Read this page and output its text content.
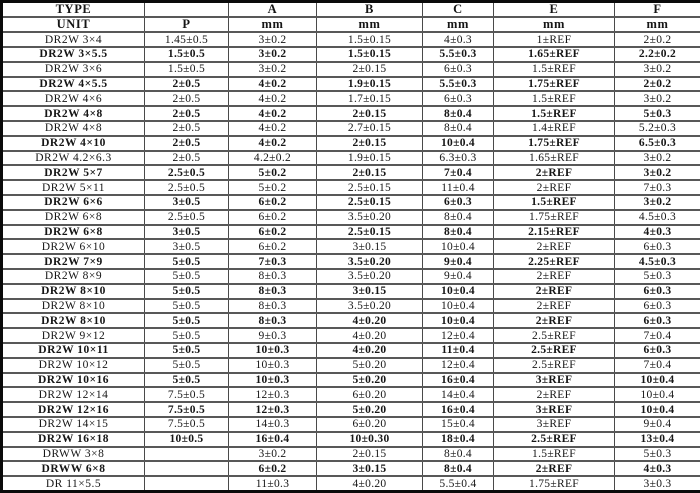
TYPE		A	B	C	E	F
UNIT	P	mm	mm	mm	mm	mm
DR2W 3×4	1.45±0.5	3±0.2	1.5±0.15	4±0.3	1±REF	2±0.2
DR2W 3×5.5	1.5±0.5	3±0.2	1.5±0.15	5.5±0.3	1.65±REF	2.2±0.2
DR2W 3×6	1.5±0.5	3±0.2	2±0.15	6±0.3	1.5±REF	3±0.2
DR2W 4×5.5	2±0.5	4±0.2	1.9±0.15	5.5±0.3	1.75±REF	2±0.2
DR2W 4×6	2±0.5	4±0.2	1.7±0.15	6±0.3	1.5±REF	3±0.2
DR2W 4×8	2±0.5	4±0.2	2±0.15	8±0.4	1.5±REF	5±0.3
DR2W 4×8	2±0.5	4±0.2	2.7±0.15	8±0.4	1.4±REF	5.2±0.3
DR2W 4×10	2±0.5	4±0.2	2±0.15	10±0.4	1.75±REF	6.5±0.3
DR2W 4.2×6.3	2±0.5	4.2±0.2	1.9±0.15	6.3±0.3	1.65±REF	3±0.2
DR2W 5×7	2.5±0.5	5±0.2	2±0.15	7±0.4	2±REF	3±0.2
DR2W 5×11	2.5±0.5	5±0.2	2.5±0.15	11±0.4	2±REF	7±0.3
DR2W 6×6	3±0.5	6±0.2	2.5±0.15	6±0.3	1.5±REF	3±0.2
DR2W 6×8	2.5±0.5	6±0.2	3.5±0.20	8±0.4	1.75±REF	4.5±0.3
DR2W 6×8	3±0.5	6±0.2	2.5±0.15	8±0.4	2.15±REF	4±0.3
DR2W 6×10	3±0.5	6±0.2	3±0.15	10±0.4	2±REF	6±0.3
DR2W 7×9	5±0.5	7±0.3	3.5±0.20	9±0.4	2.25±REF	4.5±0.3
DR2W 8×9	5±0.5	8±0.3	3.5±0.20	9±0.4	2±REF	5±0.3
DR2W 8×10	5±0.5	8±0.3	3±0.15	10±0.4	2±REF	6±0.3
DR2W 8×10	5±0.5	8±0.3	3.5±0.20	10±0.4	2±REF	6±0.3
DR2W 8×10	5±0.5	8±0.3	4±0.20	10±0.4	2±REF	6±0.3
DR2W 9×12	5±0.5	9±0.3	4±0.20	12±0.4	2.5±REF	7±0.4
DR2W 10×11	5±0.5	10±0.3	4±0.20	11±0.4	2.5±REF	6±0.3
DR2W 10×12	5±0.5	10±0.3	5±0.20	12±0.4	2.5±REF	7±0.4
DR2W 10×16	5±0.5	10±0.3	5±0.20	16±0.4	3±REF	10±0.4
DR2W 12×14	7.5±0.5	12±0.3	6±0.20	14±0.4	2±REF	10±0.4
DR2W 12×16	7.5±0.5	12±0.3	5±0.20	16±0.4	3±REF	10±0.4
DR2W 14×15	7.5±0.5	14±0.3	6±0.20	15±0.4	3±REF	9±0.4
DR2W 16×18	10±0.5	16±0.4	10±0.30	18±0.4	2.5±REF	13±0.4
DRWW 3×8		3±0.2	2±0.15	8±0.4	1.5±REF	5±0.3
DRWW 6×8		6±0.2	3±0.15	8±0.4	2±REF	4±0.3
DR 11×5.5		11±0.3	4±0.20	5.5±0.4	1.75±REF	3±0.3
